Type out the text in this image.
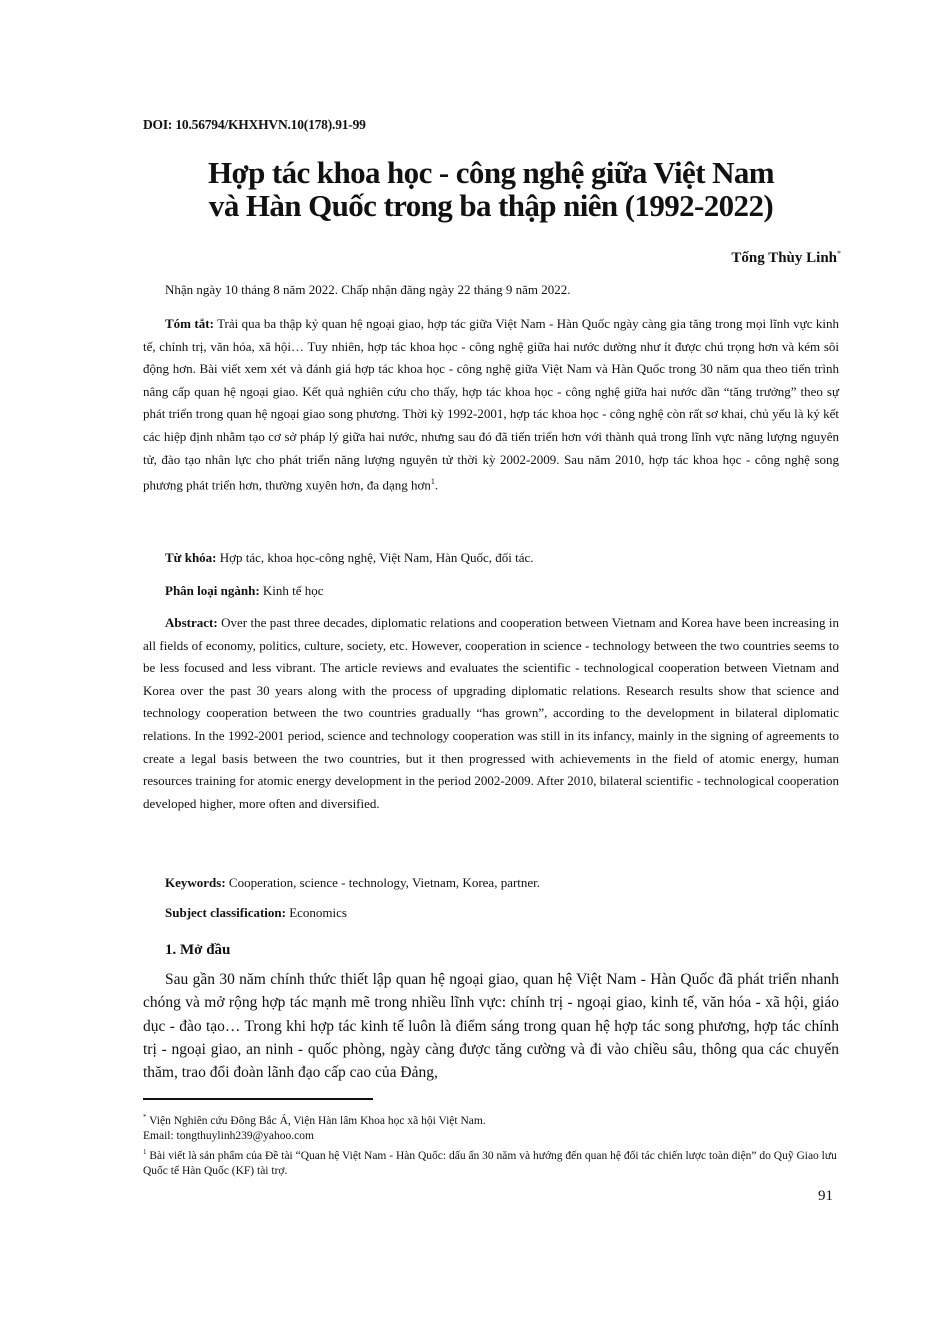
DOI: 10.56794/KHXHVN.10(178).91-99
Hợp tác khoa học - công nghệ giữa Việt Nam
và Hàn Quốc trong ba thập niên (1992-2022)
Tống Thùy Linh*
Nhận ngày 10 tháng 8 năm 2022. Chấp nhận đăng ngày 22 tháng 9 năm 2022.
Tóm tắt: Trải qua ba thập kỷ quan hệ ngoại giao, hợp tác giữa Việt Nam - Hàn Quốc ngày càng gia tăng trong mọi lĩnh vực kinh tế, chính trị, văn hóa, xã hội… Tuy nhiên, hợp tác khoa học - công nghệ giữa hai nước dường như ít được chú trọng hơn và kém sôi động hơn. Bài viết xem xét và đánh giá hợp tác khoa học - công nghệ giữa Việt Nam và Hàn Quốc trong 30 năm qua theo tiến trình nâng cấp quan hệ ngoại giao. Kết quả nghiên cứu cho thấy, hợp tác khoa học - công nghệ giữa hai nước dần “tăng trưởng” theo sự phát triển trong quan hệ ngoại giao song phương. Thời kỳ 1992-2001, hợp tác khoa học - công nghệ còn rất sơ khai, chủ yếu là ký kết các hiệp định nhằm tạo cơ sở pháp lý giữa hai nước, nhưng sau đó đã tiến triển hơn với thành quả trong lĩnh vực năng lượng nguyên tử, đào tạo nhân lực cho phát triển năng lượng nguyên tử thời kỳ 2002-2009. Sau năm 2010, hợp tác khoa học - công nghệ song phương phát triển hơn, thường xuyên hơn, đa dạng hơn$^1$.
Từ khóa: Hợp tác, khoa học-công nghệ, Việt Nam, Hàn Quốc, đối tác.
Phân loại ngành: Kinh tế học
Abstract: Over the past three decades, diplomatic relations and cooperation between Vietnam and Korea have been increasing in all fields of economy, politics, culture, society, etc. However, cooperation in science - technology between the two countries seems to be less focused and less vibrant. The article reviews and evaluates the scientific - technological cooperation between Vietnam and Korea over the past 30 years along with the process of upgrading diplomatic relations. Research results show that science and technology cooperation between the two countries gradually “has grown”, according to the development in bilateral diplomatic relations. In the 1992-2001 period, science and technology cooperation was still in its infancy, mainly in the signing of agreements to create a legal basis between the two countries, but it then progressed with achievements in the field of atomic energy, human resources training for atomic energy development in the period 2002-2009. After 2010, bilateral scientific - technological cooperation developed higher, more often and diversified.
Keywords: Cooperation, science - technology, Vietnam, Korea, partner.
Subject classification: Economics
1. Mở đầu
Sau gần 30 năm chính thức thiết lập quan hệ ngoại giao, quan hệ Việt Nam - Hàn Quốc đã phát triển nhanh chóng và mở rộng hợp tác mạnh mẽ trong nhiều lĩnh vực: chính trị - ngoại giao, kinh tế, văn hóa - xã hội, giáo dục - đào tạo… Trong khi hợp tác kinh tế luôn là điểm sáng trong quan hệ hợp tác song phương, hợp tác chính trị - ngoại giao, an ninh - quốc phòng, ngày càng được tăng cường và đi vào chiều sâu, thông qua các chuyến thăm, trao đổi đoàn lãnh đạo cấp cao của Đảng,
* Viện Nghiên cứu Đông Bắc Á, Viện Hàn lâm Khoa học xã hội Việt Nam.
Email: tongthuylinh239@yahoo.com
$^1$ Bài viết là sản phẩm của Đề tài “Quan hệ Việt Nam - Hàn Quốc: dấu ấn 30 năm và hướng đến quan hệ đối tác chiến lược toàn diện” do Quỹ Giao lưu Quốc tế Hàn Quốc (KF) tài trợ.
91
